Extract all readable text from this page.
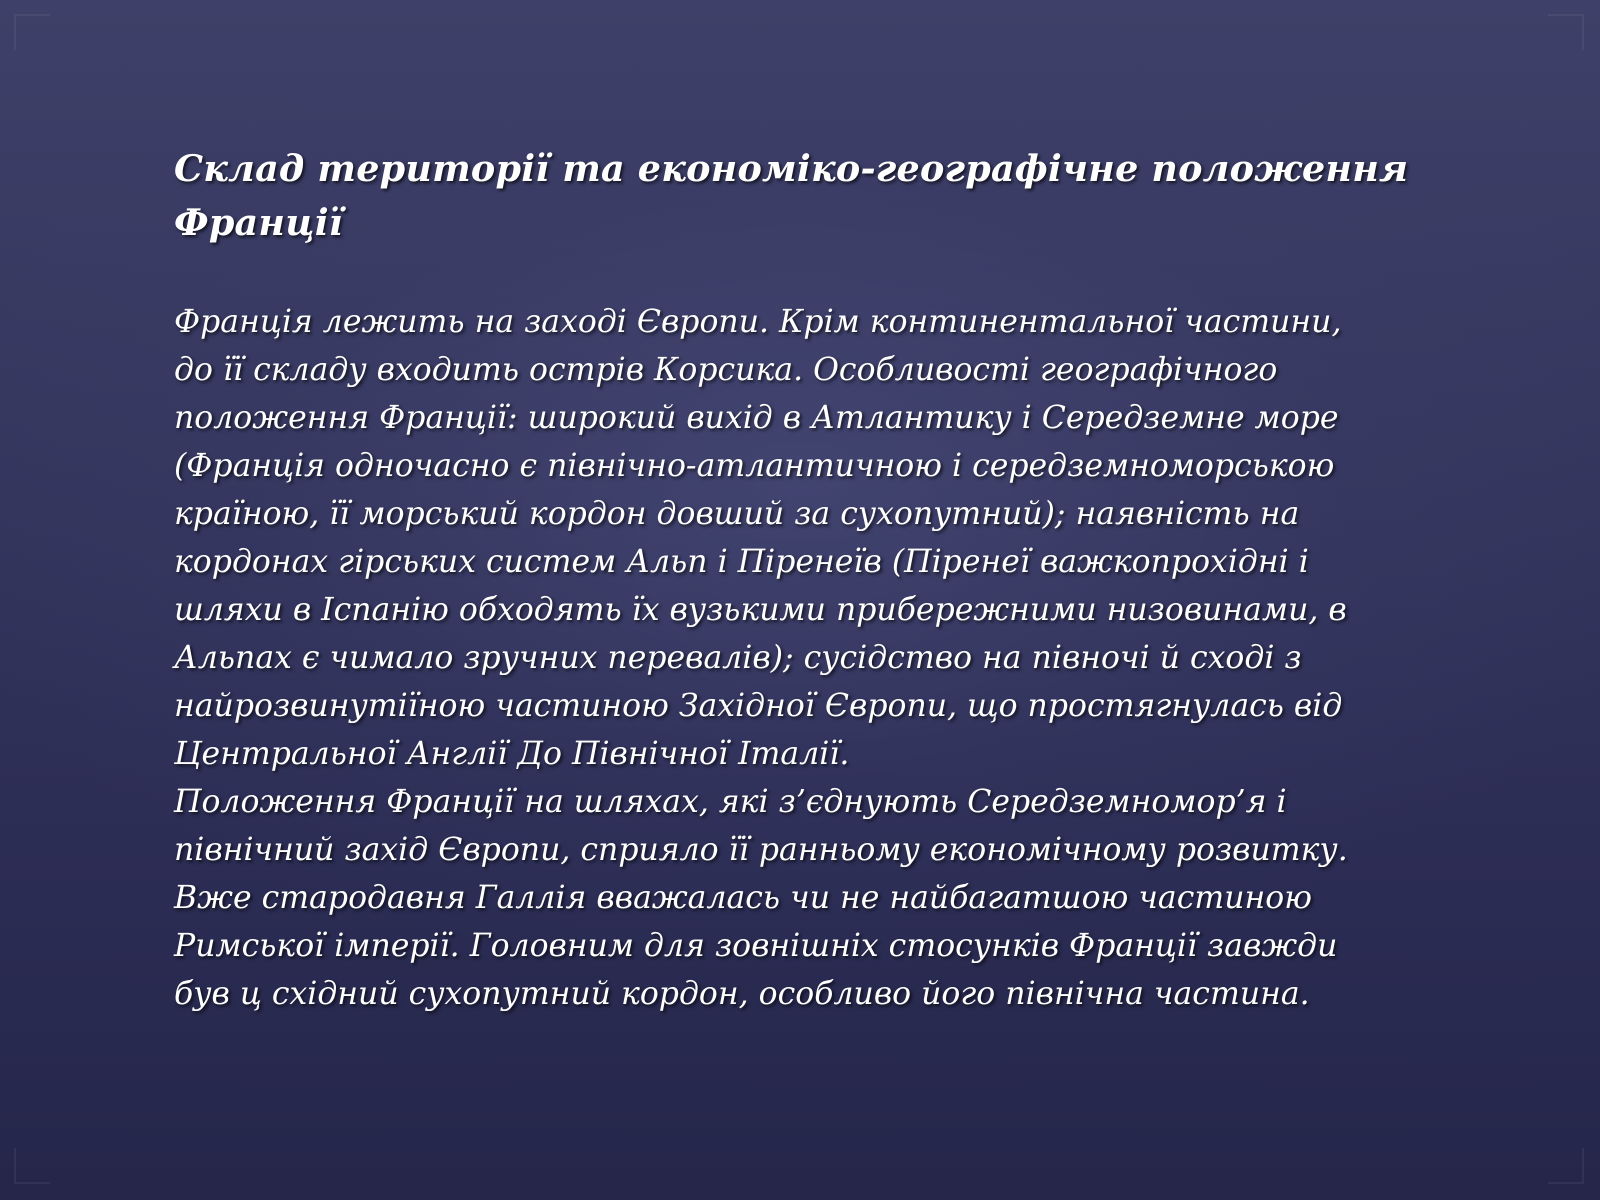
Склад території та економіко-географічне положення
Франції

Франція лежить на заході Європи. Крім континентальної частини,
до її складу входить острів Корсика. Особливості географічного
положення Франції: широкий вихід в Атлантику і Середземне море
(Франція одночасно є північно-атлантичною і середземноморською
країною, її морський кордон довший за сухопутний); наявність на
кордонах гірських систем Альп і Піренеїв (Піренеї важкопрохідні і
шляхи в Іспанію обходять їх вузькими прибережними низовинами, в
Альпах є чимало зручних перевалів); сусідство на півночі й сході з
найрозвинутіїною частиною Західної Європи, що простягнулась від
Центральної Англії До Північної Італії.
Положення Франції на шляхах, які з’єднують Середземномор’я і
північний захід Європи, сприяло її ранньому економічному розвитку.
Вже стародавня Галлія вважалась чи не найбагатшою частиною
Римської імперії. Головним для зовнішніх стосунків Франції завжди
був ц східний сухопутний кордон, особливо його північна частина.
